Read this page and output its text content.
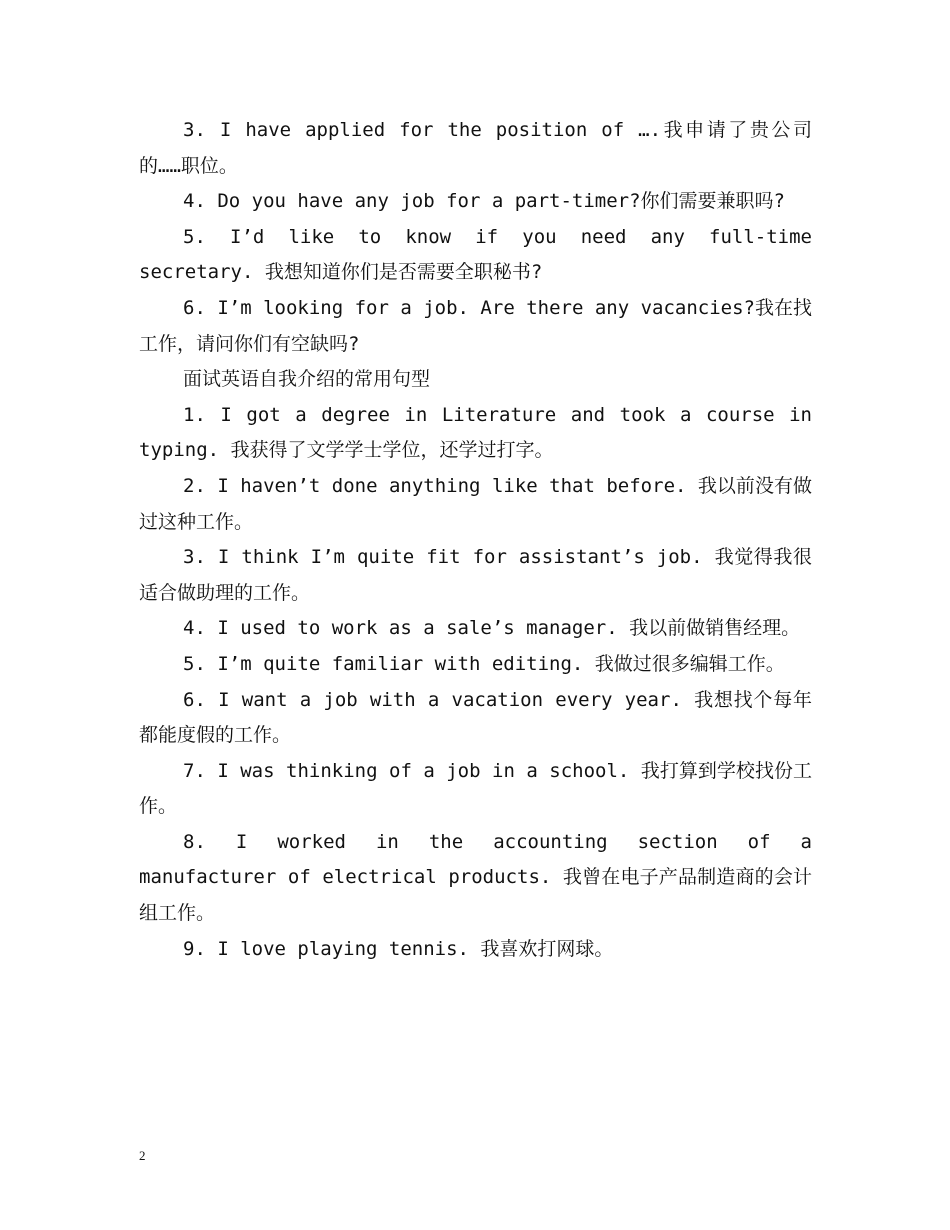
3. I have applied for the position of ….我申请了贵公司的……职位。

4. Do you have any job for a part-timer?你们需要兼职吗?

5. I’d like to know if you need any full-time secretary. 我想知道你们是否需要全职秘书?

6. I’m looking for a job. Are there any vacancies?我在找工作，请问你们有空缺吗?

面试英语自我介绍的常用句型

1. I got a degree in Literature and took a course in typing. 我获得了文学学士学位，还学过打字。

2. I haven’t done anything like that before. 我以前没有做过这种工作。

3. I think I’m quite fit for assistant’s job. 我觉得我很适合做助理的工作。

4. I used to work as a sale’s manager. 我以前做销售经理。

5. I’m quite familiar with editing. 我做过很多编辑工作。

6. I want a job with a vacation every year. 我想找个每年都能度假的工作。

7. I was thinking of a job in a school. 我打算到学校找份工作。

8. I worked in the accounting section of a manufacturer of electrical products. 我曾在电子产品制造商的会计组工作。

9. I love playing tennis. 我喜欢打网球。

2
